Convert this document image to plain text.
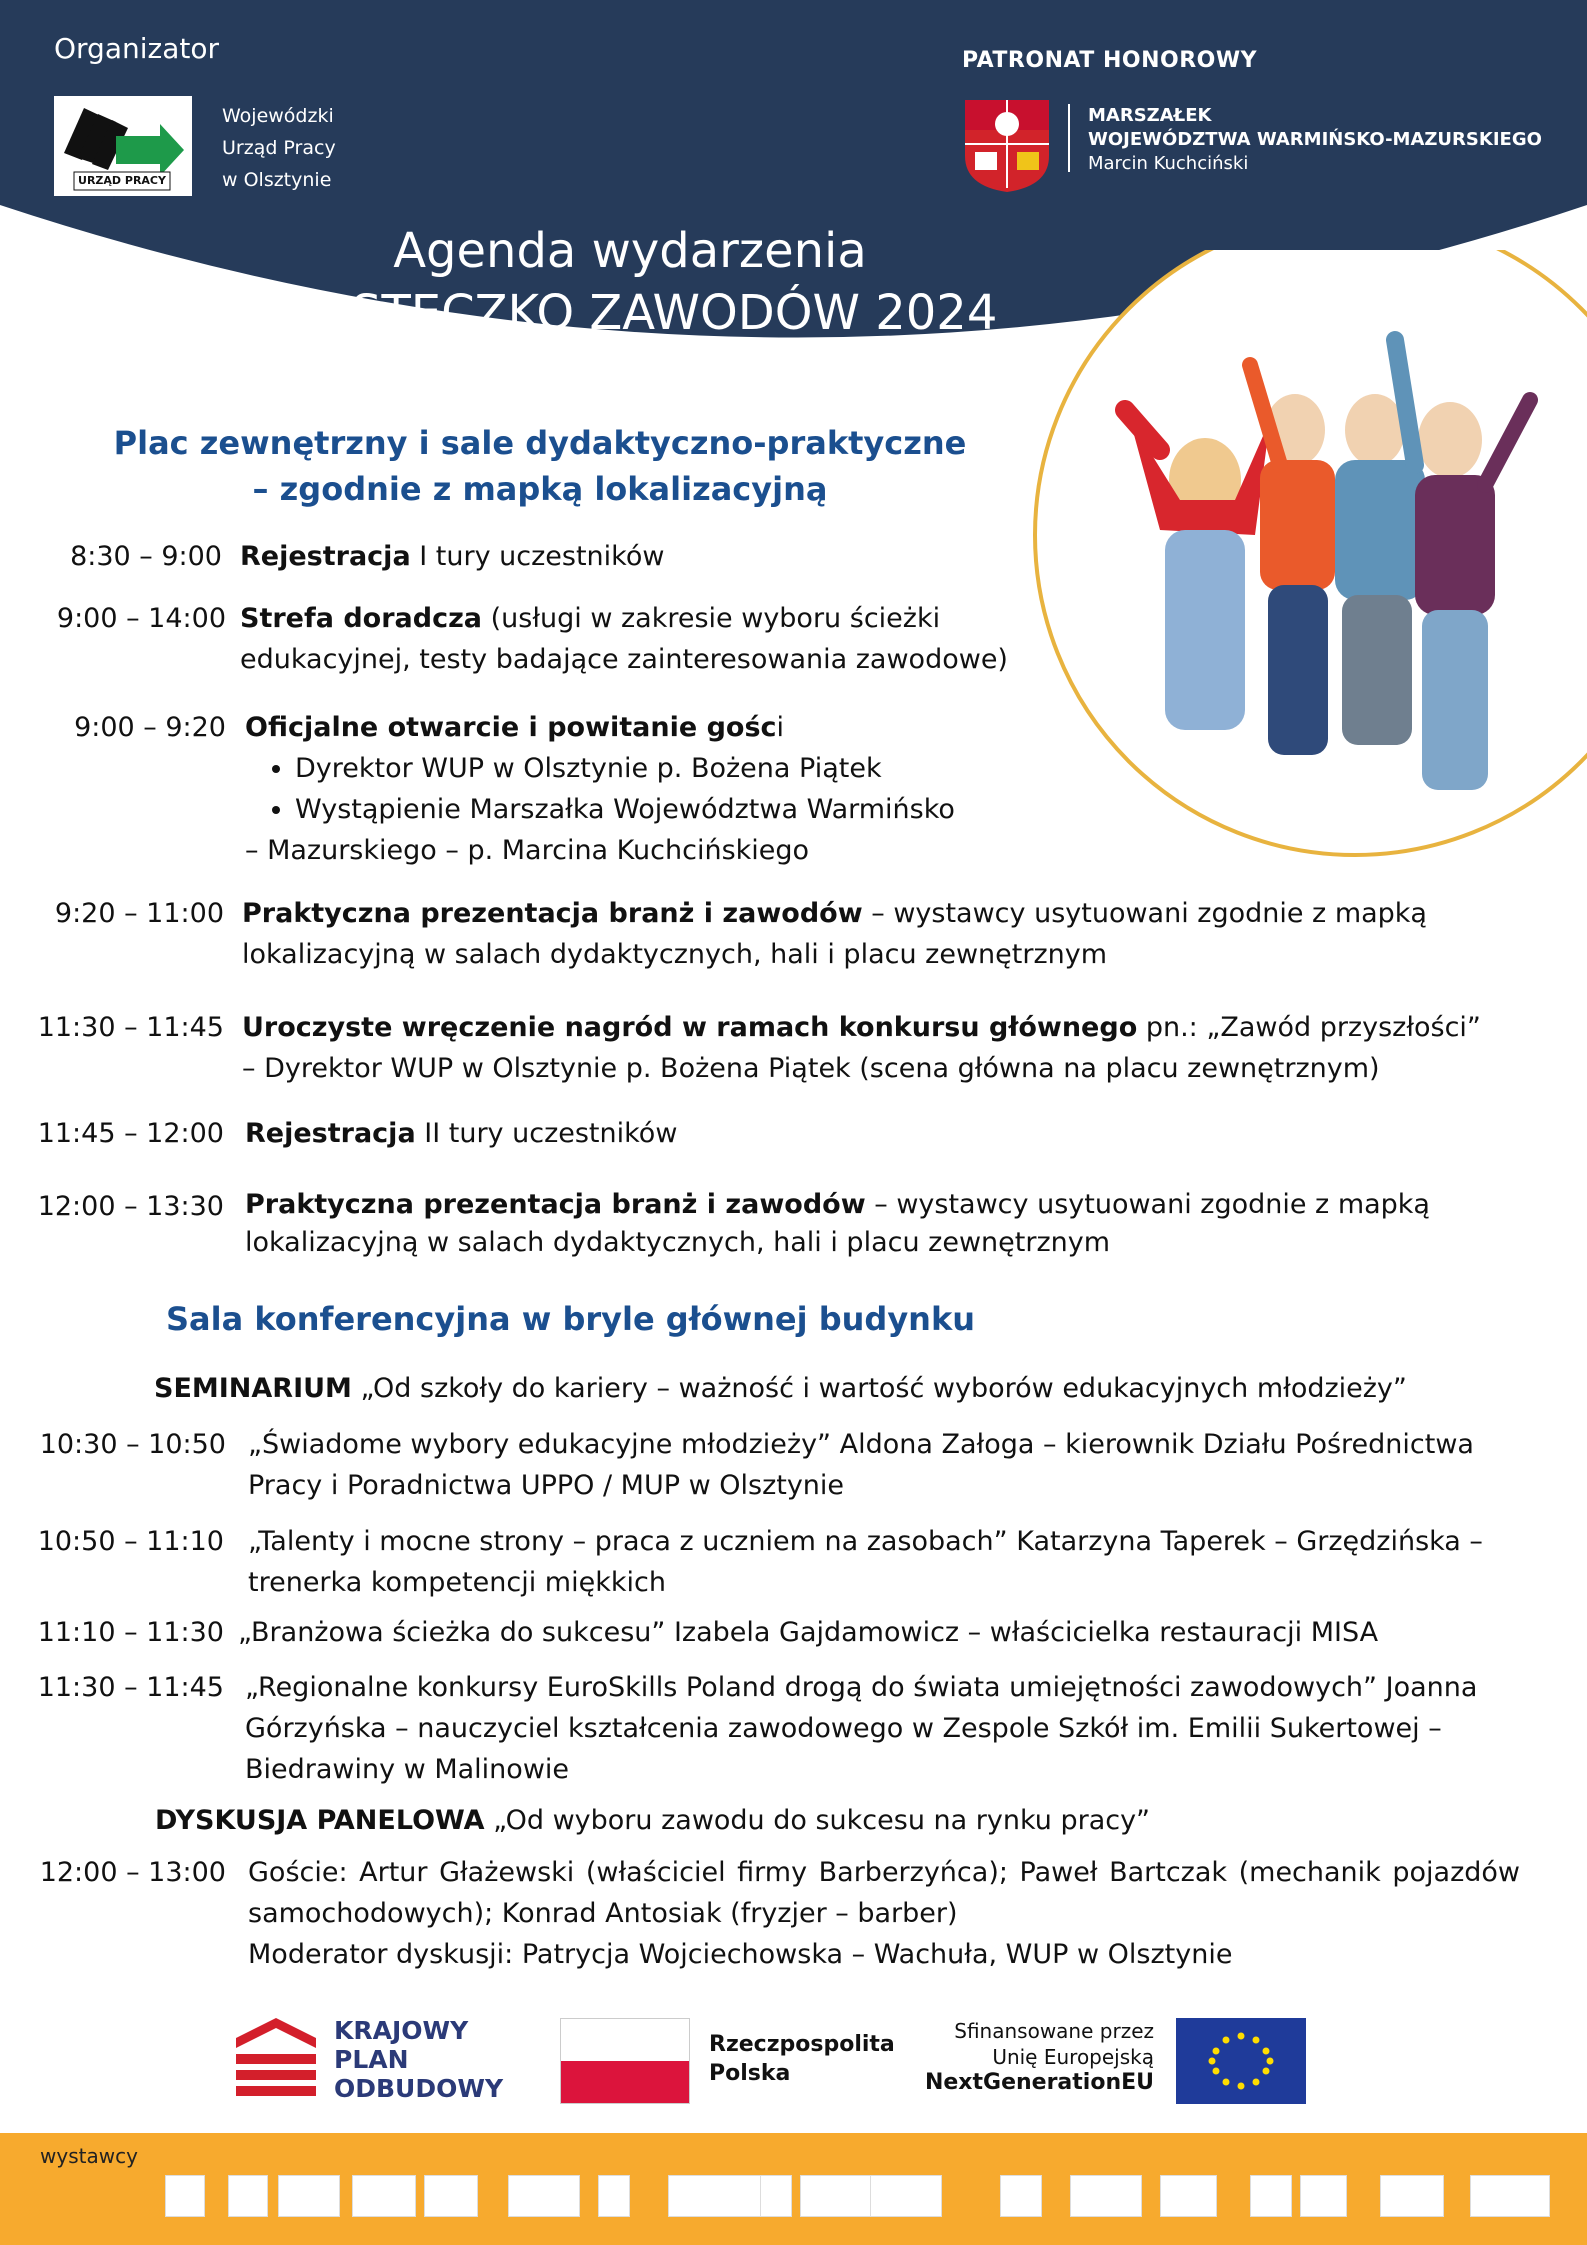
Organizator
URZĄD PRACY
Wojewódzki
Urząd Pracy
w Olsztynie
PATRONAT HONOROWY
MARSZAŁEK
WOJEWÓDZTWA WARMIŃSKO-MAZURSKIEGO
Marcin Kuchciński
Agenda wydarzenia
MIASTECZKO ZAWODÓW 2024
Plac zewnętrzny i sale dydaktyczno-praktyczne
– zgodnie z mapką lokalizacyjną
8:30 – 9:00 Rejestracja I tury uczestników
9:00 – 14:00 Strefa doradcza (usługi w zakresie wyboru ścieżki edukacyjnej, testy badające zainteresowania zawodowe)
9:00 – 9:20 Oficjalne otwarcie i powitanie gości
• Dyrektor WUP w Olsztynie p. Bożena Piątek
• Wystąpienie Marszałka Województwa Warmińsko
– Mazurskiego – p. Marcina Kuchcińskiego
9:20 – 11:00 Praktyczna prezentacja branż i zawodów – wystawcy usytuowani zgodnie z mapką lokalizacyjną w salach dydaktycznych, hali i placu zewnętrznym
11:30 – 11:45 Uroczyste wręczenie nagród w ramach konkursu głównego pn.: „Zawód przyszłości” – Dyrektor WUP w Olsztynie p. Bożena Piątek (scena główna na placu zewnętrznym)
11:45 – 12:00 Rejestracja II tury uczestników
12:00 – 13:30 Praktyczna prezentacja branż i zawodów – wystawcy usytuowani zgodnie z mapką lokalizacyjną w salach dydaktycznych, hali i placu zewnętrznym
Sala konferencyjna w bryle głównej budynku
SEMINARIUM „Od szkoły do kariery – ważność i wartość wyborów edukacyjnych młodzieży”
10:30 – 10:50 „Świadome wybory edukacyjne młodzieży” Aldona Załoga – kierownik Działu Pośrednictwa Pracy i Poradnictwa UPPO / MUP w Olsztynie
10:50 – 11:10 „Talenty i mocne strony – praca z uczniem na zasobach” Katarzyna Taperek – Grzędzińska – trenerka kompetencji miękkich
11:10 – 11:30 „Branżowa ścieżka do sukcesu” Izabela Gajdamowicz – właścicielka restauracji MISA
11:30 – 11:45 „Regionalne konkursy EuroSkills Poland drogą do świata umiejętności zawodowych” Joanna Górzyńska – nauczyciel kształcenia zawodowego w Zespole Szkół im. Emilii Sukertowej – Biedrawiny w Malinowie
DYSKUSJA PANELOWA „Od wyboru zawodu do sukcesu na rynku pracy”
12:00 – 13:00 Goście: Artur Głażewski (właściciel firmy Barberzyńca); Paweł Bartczak (mechanik pojazdów samochodowych); Konrad Antosiak (fryzjer – barber)
Moderator dyskusji: Patrycja Wojciechowska – Wachuła, WUP w Olsztynie
KRAJOWY
PLAN
ODBUDOWY
Rzeczpospolita
Polska
Sfinansowane przez
Unię Europejską
NextGenerationEU
wystawcy
